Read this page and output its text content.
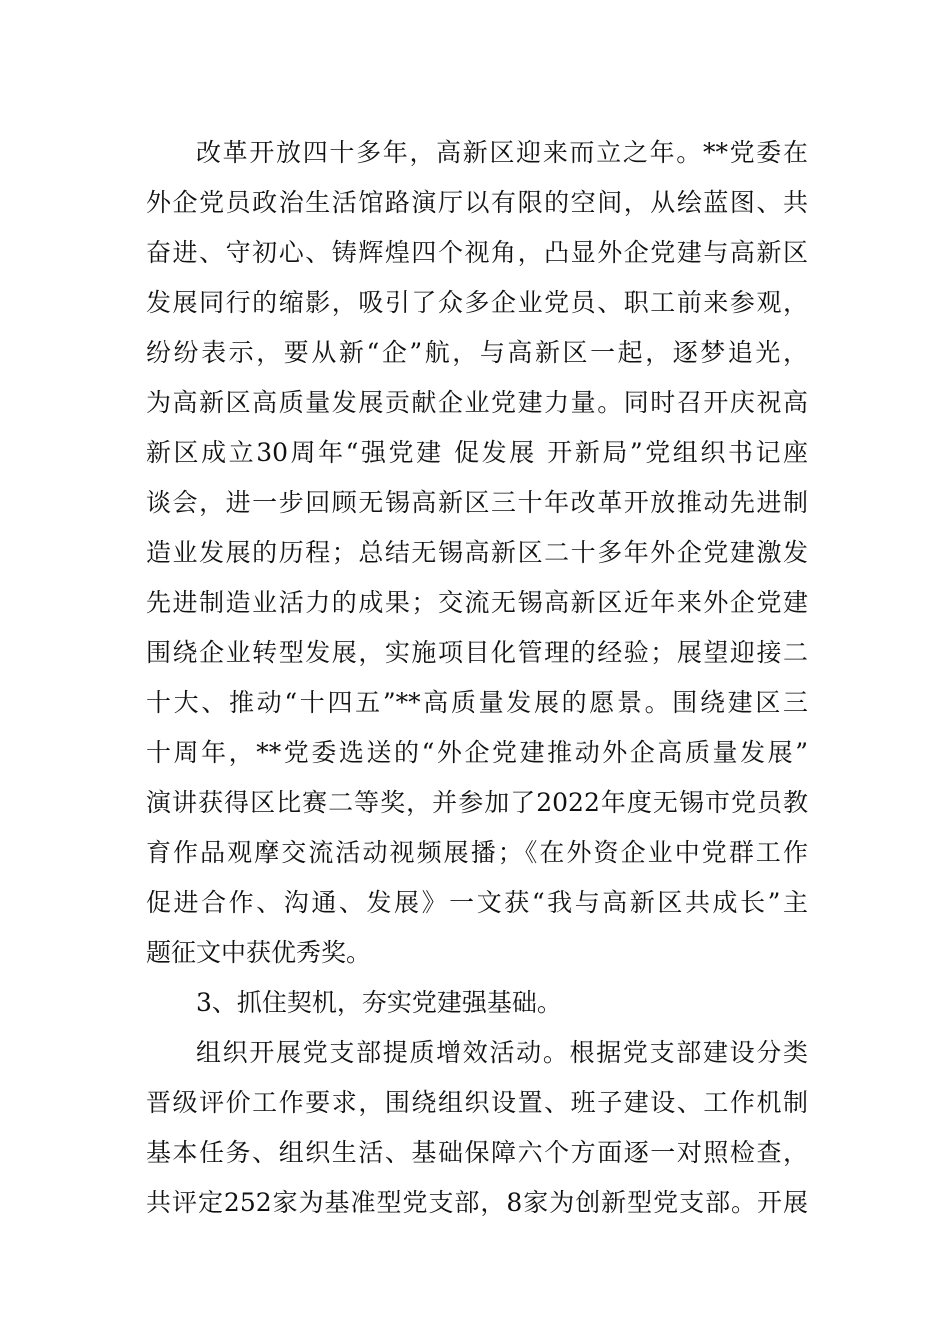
改革开放四十多年，高新区迎来而立之年。**党委在
外企党员政治生活馆路演厅以有限的空间，从绘蓝图、共
奋进、守初心、铸辉煌四个视角，凸显外企党建与高新区
发展同行的缩影，吸引了众多企业党员、职工前来参观，
纷纷表示，要从新“企”航，与高新区一起，逐梦追光，
为高新区高质量发展贡献企业党建力量。同时召开庆祝高
新区成立30周年“强党建 促发展 开新局”党组织书记座
谈会，进一步回顾无锡高新区三十年改革开放推动先进制
造业发展的历程；总结无锡高新区二十多年外企党建激发
先进制造业活力的成果；交流无锡高新区近年来外企党建
围绕企业转型发展，实施项目化管理的经验；展望迎接二
十大、推动“十四五”**高质量发展的愿景。围绕建区三
十周年，**党委选送的“外企党建推动外企高质量发展”
演讲获得区比赛二等奖，并参加了2022年度无锡市党员教
育作品观摩交流活动视频展播；《在外资企业中党群工作
促进合作、沟通、发展》一文获“我与高新区共成长”主
题征文中获优秀奖。
3、抓住契机，夯实党建强基础。
组织开展党支部提质增效活动。根据党支部建设分类
晋级评价工作要求，围绕组织设置、班子建设、工作机制
基本任务、组织生活、基础保障六个方面逐一对照检查，
共评定252家为基准型党支部，8家为创新型党支部。开展
